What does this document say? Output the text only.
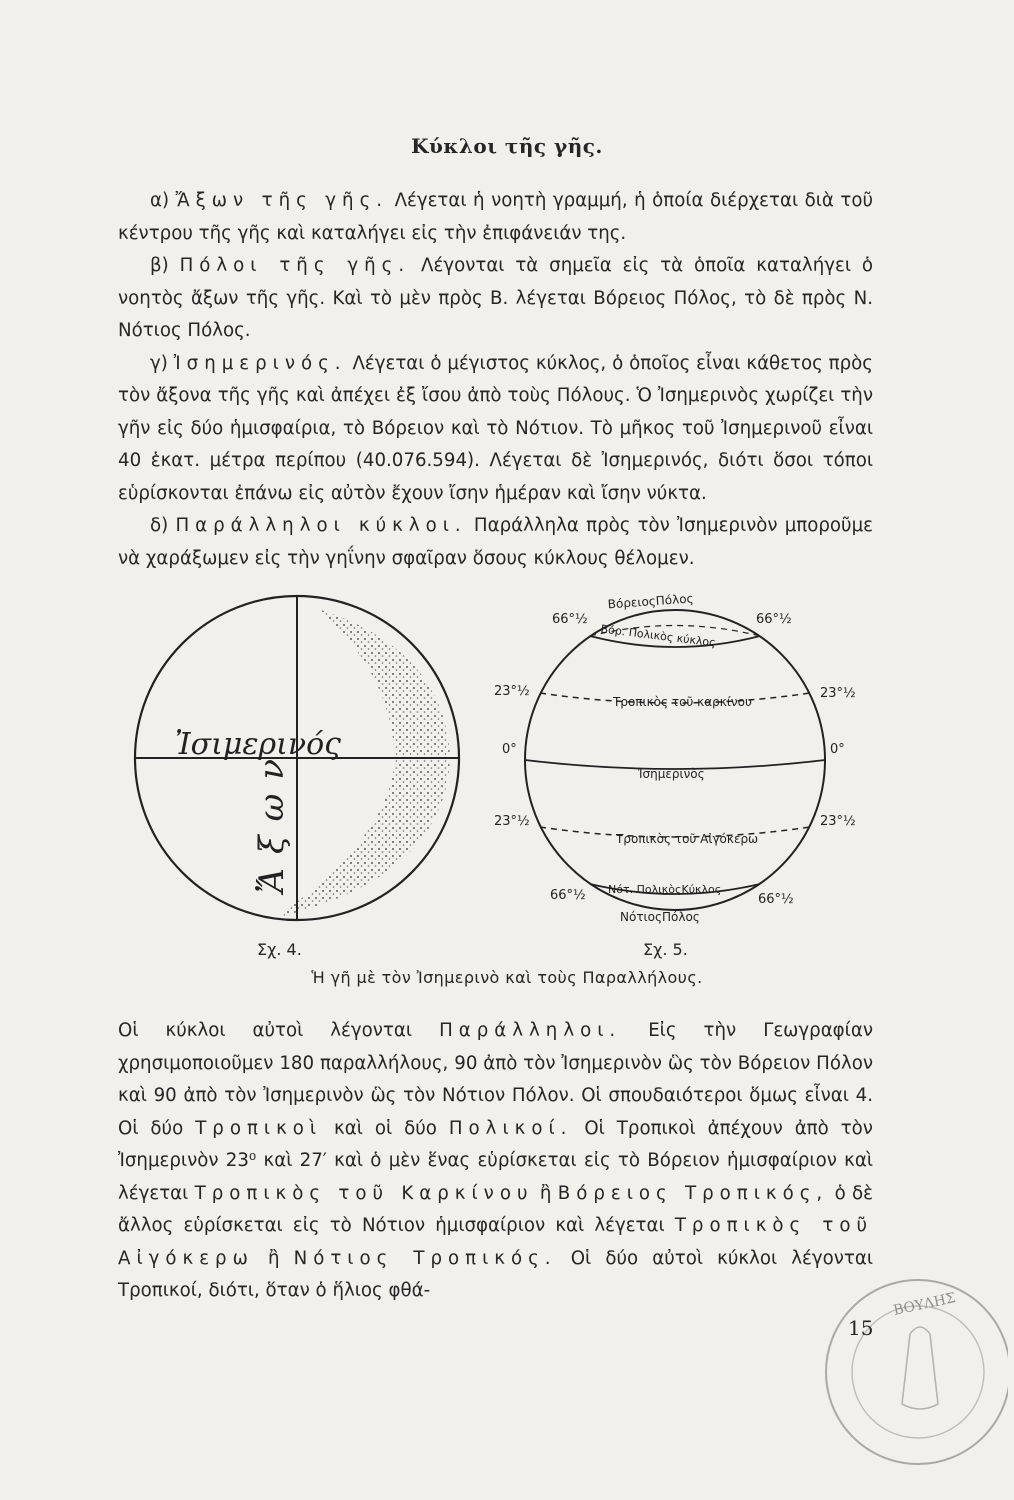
Κύκλοι τῆς γῆς.

α) Ἄξων τῆς γῆς. Λέγεται ἡ νοητὴ γραμμή, ἡ ὁποία διέρχεται διὰ τοῦ κέντρου τῆς γῆς καὶ καταλήγει εἰς τὴν ἐπιφάνειάν της.

β) Πόλοι τῆς γῆς. Λέγονται τὰ σημεῖα εἰς τὰ ὁποῖα καταλήγει ὁ νοητὸς ἄξων τῆς γῆς. Καὶ τὸ μὲν πρὸς Β. λέγεται Βόρειος Πόλος, τὸ δὲ πρὸς Ν. Νότιος Πόλος.

γ) Ἰσημερινός. Λέγεται ὁ μέγιστος κύκλος, ὁ ὁποῖος εἶναι κάθετος πρὸς τὸν ἄξονα τῆς γῆς καὶ ἀπέχει ἐξ ἴσου ἀπὸ τοὺς Πόλους. Ὁ Ἰσημερινὸς χωρίζει τὴν γῆν εἰς δύο ἡμισφαίρια, τὸ Βόρειον καὶ τὸ Νότιον. Τὸ μῆκος τοῦ Ἰσημερινοῦ εἶναι 40 ἑκατ. μέτρα περίπου (40.076.594). Λέγεται δὲ Ἰσημερινός, διότι ὅσοι τόποι εὑρίσκονται ἐπάνω εἰς αὐτὸν ἔχουν ἴσην ἡμέραν καὶ ἴσην νύκτα.

δ) Παράλληλοι κύκλοι. Παράλληλα πρὸς τὸν Ἰσημερινὸν μποροῦμε νὰ χαράξωμεν εἰς τὴν γηΐνην σφαῖραν ὅσους κύκλους θέλομεν.

Ἰσιμερινός
Ἄξων
Σχ. 4.
ΒόρειοςΠόλος
Βόρ. Πολικὸς κύκλος
Τροπικὸς τοῦ καρκίνου
Ἰσημερινὸς
Τροπικὸς τοῦ Αἰγόκερω
Νότ. ΠολικὸςΚύκλος
ΝότιοςΠόλος
66°½	66°½
23°½	23°½
0°	0°
23°½	23°½
66°½	66°½
Σχ. 5.
Ἡ γῆ μὲ τὸν Ἰσημερινὸ καὶ τοὺς Παραλλήλους.

Οἱ κύκλοι αὐτοὶ λέγονται Παράλληλοι. Εἰς τὴν Γεωγραφίαν χρησιμοποιοῦμεν 180 παραλλήλους, 90 ἀπὸ τὸν Ἰσημερινὸν ὣς τὸν Βόρειον Πόλον καὶ 90 ἀπὸ τὸν Ἰσημερινὸν ὣς τὸν Νότιον Πόλον. Οἱ σπουδαιότεροι ὅμως εἶναι 4. Οἱ δύο Τροπικοὶ καὶ οἱ δύο Πολικοί. Οἱ Τροπικοὶ ἀπέχουν ἀπὸ τὸν Ἰσημερινὸν 23⁰ καὶ 27′ καὶ ὁ μὲν ἕνας εὑρίσκεται εἰς τὸ Βόρειον ἡμισφαίριον καὶ λέγεται Τροπικὸς τοῦ Καρκίνου ἢ Βόρειος Τροπικός, ὁ δὲ ἄλλος εὑρίσκεται εἰς τὸ Νότιον ἡμισφαίριον καὶ λέγεται Τροπικὸς τοῦ Αἰγόκερω ἢ Νότιος Τροπικός. Οἱ δύο αὐτοὶ κύκλοι λέγονται Τροπικοί, διότι, ὅταν ὁ ἥλιος φθά-	ΒΟΥΛΗΣ
15
